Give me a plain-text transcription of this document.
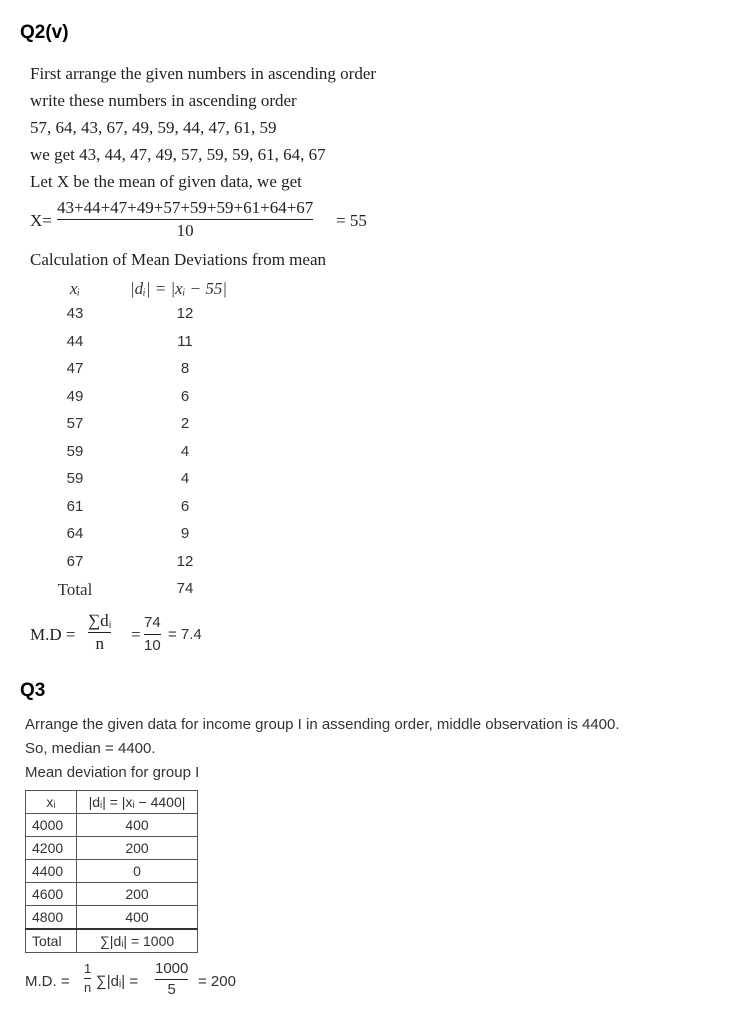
Q2(v)
First arrange the given numbers in ascending order
write these numbers in ascending order
57, 64, 43, 67, 49, 59, 44, 47, 61, 59
we get 43, 44, 47, 49, 57, 59, 59, 61, 64, 67
Let X be the mean of given data, we get
X=
43+44+47+49+57+59+59+61+64+67
10
= 55
Calculation of Mean Deviations from mean
xᵢ	|dᵢ| = |xᵢ − 55|
43	12
44	11
47	8
49	6
57	2
59	4
59	4
61	6
64	9
67	12
Total	74
M.D =
∑dᵢ
n =
74
10
= 7.4
Q3
Arrange the given data for income group I in assending order, middle observation is 4400.
So, median = 4400.
Mean deviation for group I
xᵢ	|dᵢ| = |xᵢ − 4400|
4000	400
4200	200
4400	0
4600	200
4800	400
Total	∑|dᵢ| = 1000
M.D. =
1
n ∑|dᵢ| =
1000
5 = 200
